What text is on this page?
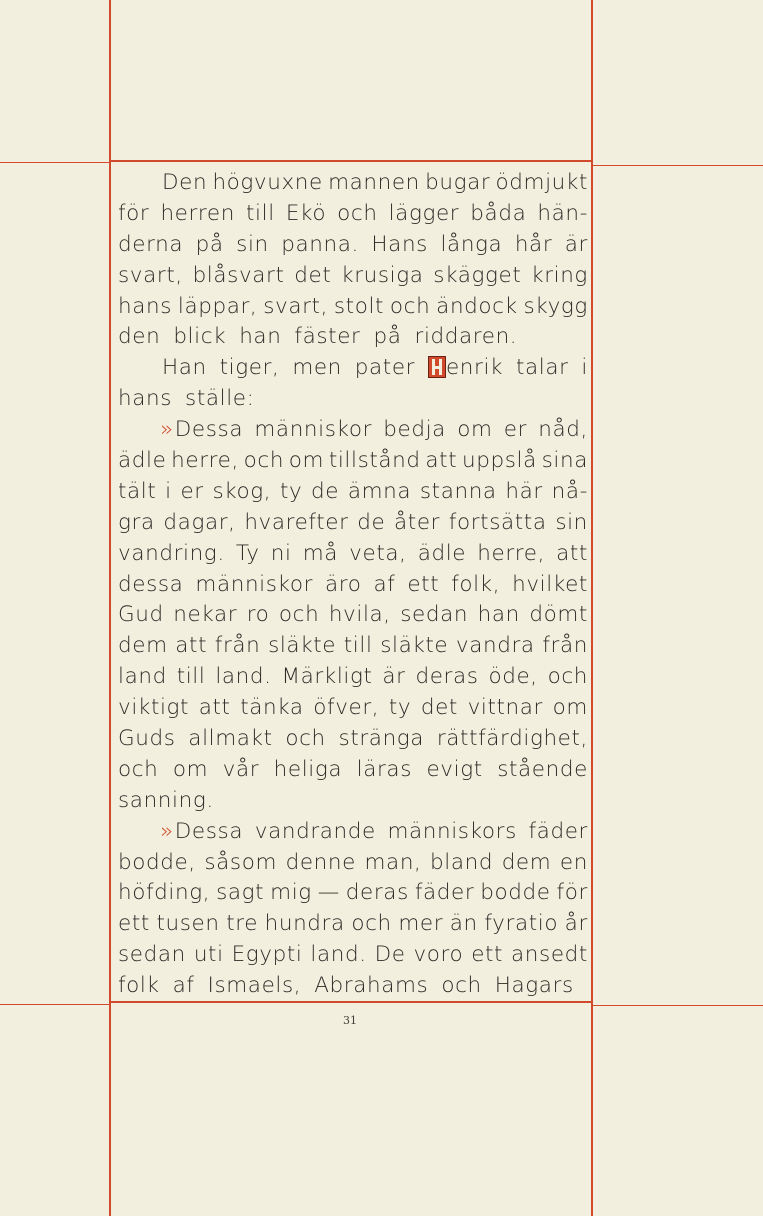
Den högvuxne mannen bugar ödmjukt
för herren till Ekö och lägger båda hän-
derna på sin panna. Hans långa hår är
svart, blåsvart det krusiga skägget kring
hans läppar, svart, stolt och ändock skygg
den blick han fäster på riddaren.
Han tiger, men pater	enrik talar i
hans ställe:
»Dessa människor bedja om er nåd,
ädle herre, och om tillstånd att uppslå sina
tält i er skog, ty de ämna stanna här nå-
gra dagar, hvarefter de åter fortsätta sin
vandring. Ty ni må veta, ädle herre, att
dessa människor äro af ett folk, hvilket
Gud nekar ro och hvila, sedan han dömt
dem att från släkte till släkte vandra från
land till land. Märkligt är deras öde, och
viktigt att tänka öfver, ty det vittnar om
Guds allmakt och stränga rättfärdighet,
och om vår heliga läras evigt stående
sanning.
»Dessa vandrande människors fäder
bodde, såsom denne man, bland dem en
höfding, sagt mig — deras fäder bodde för
ett tusen tre hundra och mer än fyratio år
sedan uti Egypti land. De voro ett ansedt
folk af Ismaels, Abrahams och Hagars
31
